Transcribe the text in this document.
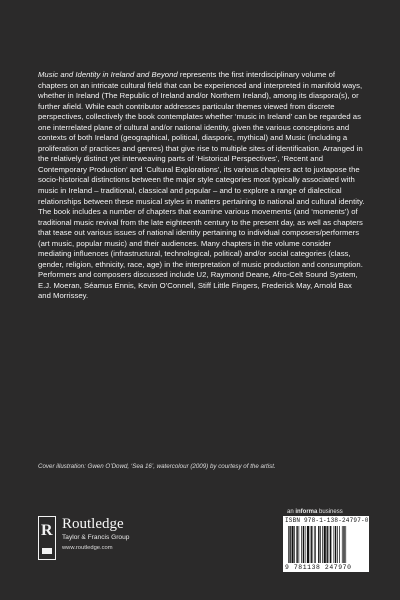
Music and Identity in Ireland and Beyond represents the first interdisciplinary volume of chapters on an intricate cultural field that can be experienced and interpreted in manifold ways, whether in Ireland (The Republic of Ireland and/or Northern Ireland), among its diaspora(s), or further afield. While each contributor addresses particular themes viewed from discrete perspectives, collectively the book contemplates whether ‘music in Ireland’ can be regarded as one interrelated plane of cultural and/or national identity, given the various conceptions and contexts of both Ireland (geographical, political, diasporic, mythical) and Music (including a proliferation of practices and genres) that give rise to multiple sites of identification. Arranged in the relatively distinct yet interweaving parts of ‘Historical Perspectives’, ‘Recent and Contemporary Production’ and ‘Cultural Explorations’, its various chapters act to juxtapose the socio-historical distinctions between the major style categories most typically associated with music in Ireland – traditional, classical and popular – and to explore a range of dialectical relationships between these musical styles in matters pertaining to national and cultural identity. The book includes a number of chapters that examine various movements (and ‘moments’) of traditional music revival from the late eighteenth century to the present day, as well as chapters that tease out various issues of national identity pertaining to individual composers/performers (art music, popular music) and their audiences. Many chapters in the volume consider mediating influences (infrastructural, technological, political) and/or social categories (class, gender, religion, ethnicity, race, age) in the interpretation of music production and consumption. Performers and composers discussed include U2, Raymond Deane, Afro-Celt Sound System, E.J. Moeran, Séamus Ennis, Kevin O’Connell, Stiff Little Fingers, Frederick May, Arnold Bax and Morrissey.
Cover illustration: Gwen O’Dowd, ‘Sea 16’, watercolour (2009) by courtesy of the artist.
an informa business
R Routledge
Taylor & Francis Group
www.routledge.com
ISBN 978-1-138-24797-0
9 781138 247970
